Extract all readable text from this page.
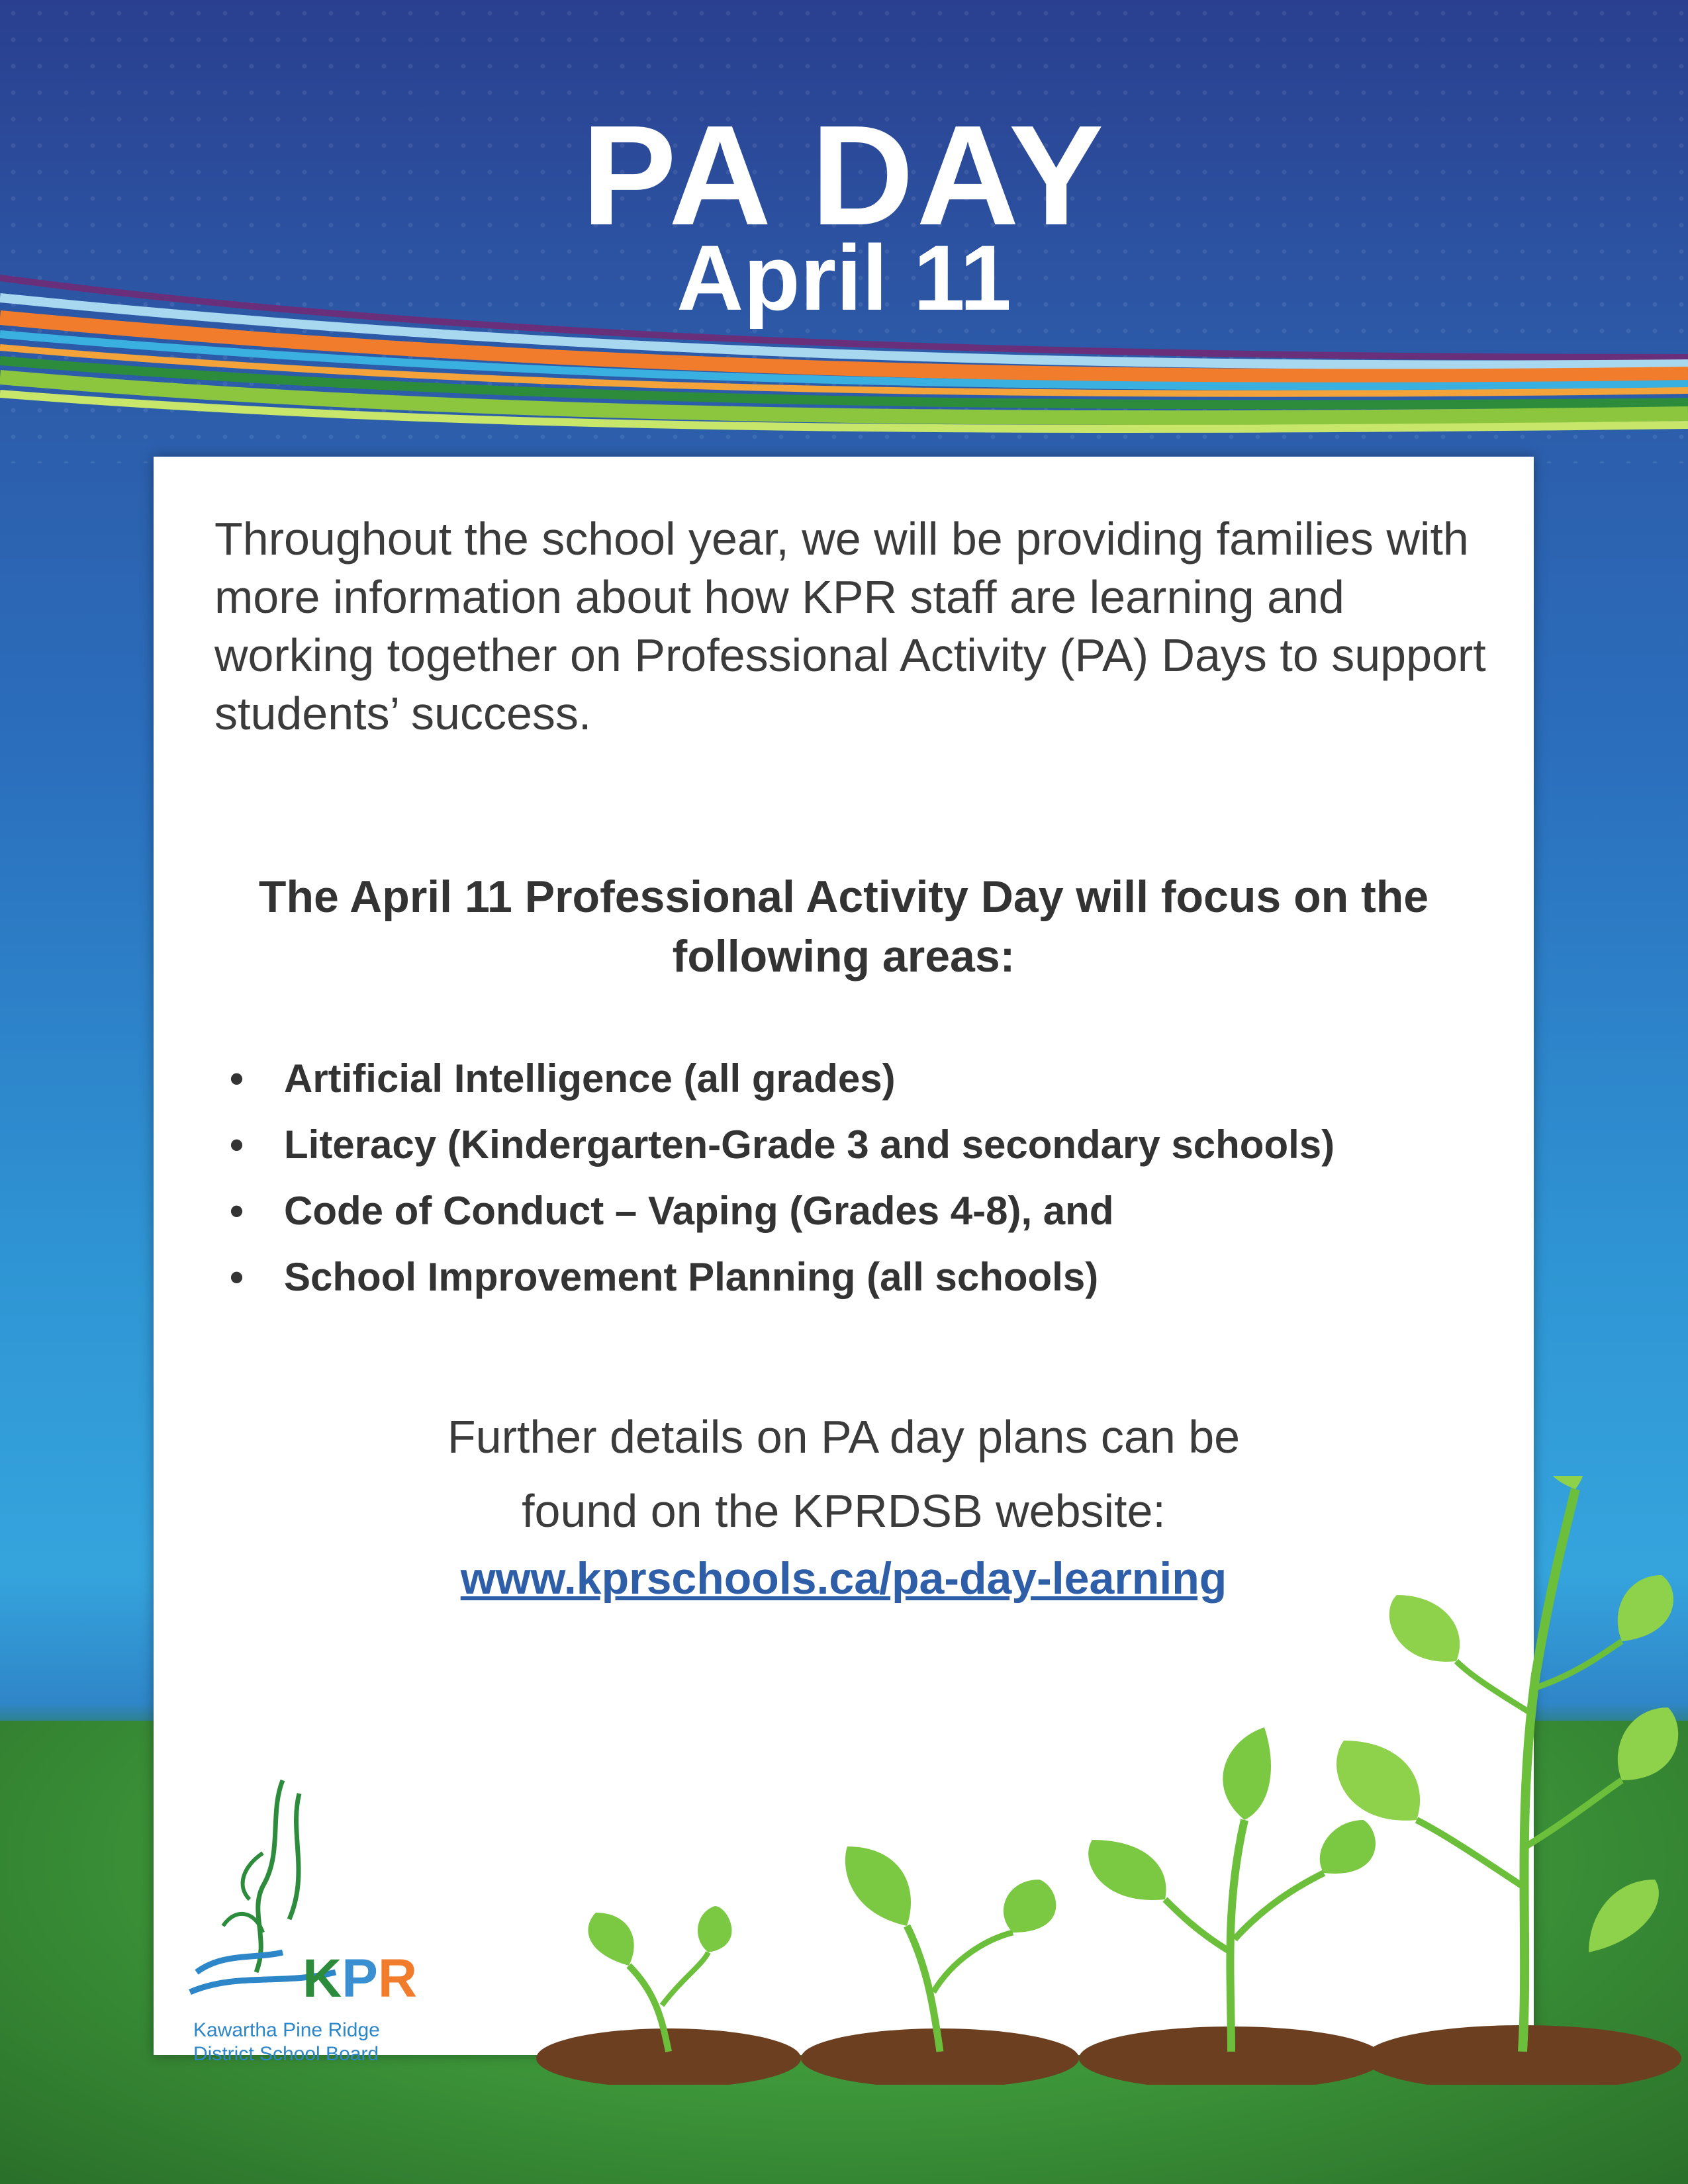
PA DAY
April 11
Throughout the school year, we will be providing families with more information about how KPR staff are learning and working together on Professional Activity (PA) Days to support students’ success.
The April 11 Professional Activity Day will focus on the following areas:
• Artificial Intelligence (all grades)
• Literacy (Kindergarten-Grade 3 and secondary schools)
• Code of Conduct – Vaping (Grades 4-8), and
• School Improvement Planning (all schools)
Further details on PA day plans can be
found on the KPRDSB website:
www.kprschools.ca/pa-day-learning
KPR
Kawartha Pine Ridge
District School Board
